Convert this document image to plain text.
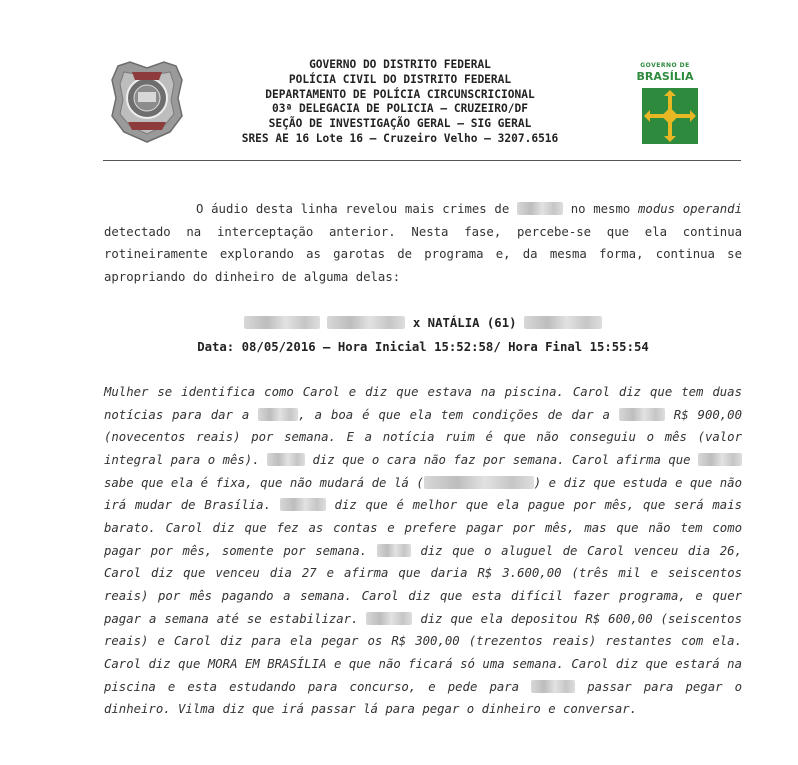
GOVERNO DO DISTRITO FEDERAL
POLÍCIA CIVIL DO DISTRITO FEDERAL
DEPARTAMENTO DE POLÍCIA CIRCUNSCRICIONAL
03ª DELEGACIA DE POLICIA – CRUZEIRO/DF
SEÇÃO DE INVESTIGAÇÃO GERAL – SIG GERAL
SRES AE 16 Lote 16 – Cruzeiro Velho – 3207.6516
GOVERNO DE
BRASÍLIA
O áudio desta linha revelou mais crimes de	no mesmo modus operandi detectado na interceptação anterior. Nesta fase, percebe-se que ela continua rotineiramente explorando as garotas de programa e, da mesma forma, continua se apropriando do dinheiro de alguma delas:
x NATÁLIA (61)
Data: 08/05/2016 – Hora Inicial 15:52:58/ Hora Final 15:55:54
Mulher se identifica como Carol e diz que estava na piscina. Carol diz que tem duas notícias para dar a	, a boa é que ela tem condições de dar a	R$ 900,00 (novecentos reais) por semana. E a notícia ruim é que não conseguiu o mês (valor integral para o mês).	diz que o cara não faz por semana. Carol afirma que  sabe que ela é fixa, que não mudará de lá (	) e diz que estuda e que não irá mudar de Brasília.	diz que é melhor que ela pague por mês, que será mais barato. Carol diz que fez as contas e prefere pagar por mês, mas que não tem como pagar por mês, somente por semana.	diz que o aluguel de Carol venceu dia 26, Carol diz que venceu dia 27 e afirma que daria R$ 3.600,00 (três mil e seiscentos reais) por mês pagando a semana. Carol diz que esta difícil fazer programa, e quer pagar a semana até se estabilizar.	diz que ela depositou R$ 600,00 (seiscentos reais) e Carol diz para ela pegar os R$ 300,00 (trezentos reais) restantes com ela. Carol diz que MORA EM BRASÍLIA e que não ficará só uma semana. Carol diz que estará na piscina e esta estudando para concurso, e pede para	passar para pegar o dinheiro. Vilma diz que irá passar lá para pegar o dinheiro e conversar.
